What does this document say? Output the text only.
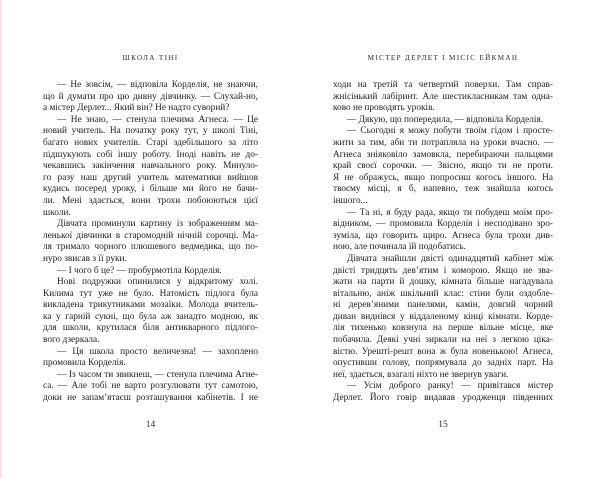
ШКОЛА ТІНІ
— Не зовсім, — відповіла Корделія, не знаючи,
що й думати про цю дивну дівчинку. — Слухай-но,
а містер Дерлет... Який він? Не надто суворий?
— Не знаю, — стенула плечима Агнеса. — Це
новий учитель. На початку року тут, у школі Тіні,
багато нових учителів. Старі здебільшого за літо
підшукують собі іншу роботу. Іноді навіть не до-
чекавшись закінчення навчального року. Минуло-
го разу наш другий учитель математики вийшов
кудись посеред уроку, і більше ми його не бачи-
ли. Мені здається, вони трохи побоюються цієї
школи.
Дівчата проминули картину із зображенням ма-
ленької дівчинки в старомодній нічній сорочці. Ма-
ля тримало чорного плюшевого ведмедика, що по-
нуро звисав з її руки.
— І чого б це? — пробурмотіла Корделія.
Нові подружки опинилися у відкритому холі.
Килима тут уже не було. Натомість підлога була
викладена трикутниками мозаїки. Молода вчитель-
ка у гарній сукні, що була аж занадто модною, як
для школи, крутилася біля антикварного підлого-
вого дзеркала.
— Ця школа просто величезна! — захоплено
промовила Корделія.
— Із часом ти звикнеш, — стенула плечима Агне-
са. — Але тобі не варто розгулювати тут самотою,
доки не запам’ятаєш розташування кабінетів. І не
14
МІСТЕР ДЕРЛЕТ І МІСІС ЕЙКМАН
ходи на третій та четвертий поверхи. Там справ-
жнісінький лабіринт. Але шестикласникам там одна-
ково не проводять уроків.
— Дякую, що попередила, — відповіла Корделія.
— Сьогодні я можу побути твоїм гідом і просте-
жити за тим, аби ти потрапляла на уроки вчасно. —
Агнеса зніяковіло замовкла, перебираючи пальцями
край своєї сорочки. — Звісно, якщо ти не проти.
Я не ображусь, якщо попросиш когось іншого. На
твоєму місці, я б, напевно, теж знайшла когось
іншого...
— Та ні, я буду рада, якщо ти побудеш моїм про-
відником, — промовила Корделія і несподівано зро-
зуміла, що говорить щиро. Агнеса була трохи див-
ною, але починала їй подобатись.
Дівчата знайшли двісті одинадцятий кабінет між
двісті тридцять дев’ятим і коморою. Якщо не зва-
жати на парти й дошку, кімната більше нагадувала
вітальню, аніж шкільний клас: стіни були оздобле-
ні дерев’яними панелями, камін, довгий чорний
диван виднівся у віддаленому кінці кімнати. Корде-
лія тихенько ковзнула на перше вільне місце, яке
побачила. Деякі учні зиркали на неї з легкою ціка-
вістю. Урешті-решт вона ж була новенькою! Агнеса,
опустивши голову, попрямувала до задніх парт. На
неї, здається, взагалі ніхто не звернув уваги.
— Усім доброго ранку! — привітався містер
Дерлет. Його говір видавав уродженця південних
15
